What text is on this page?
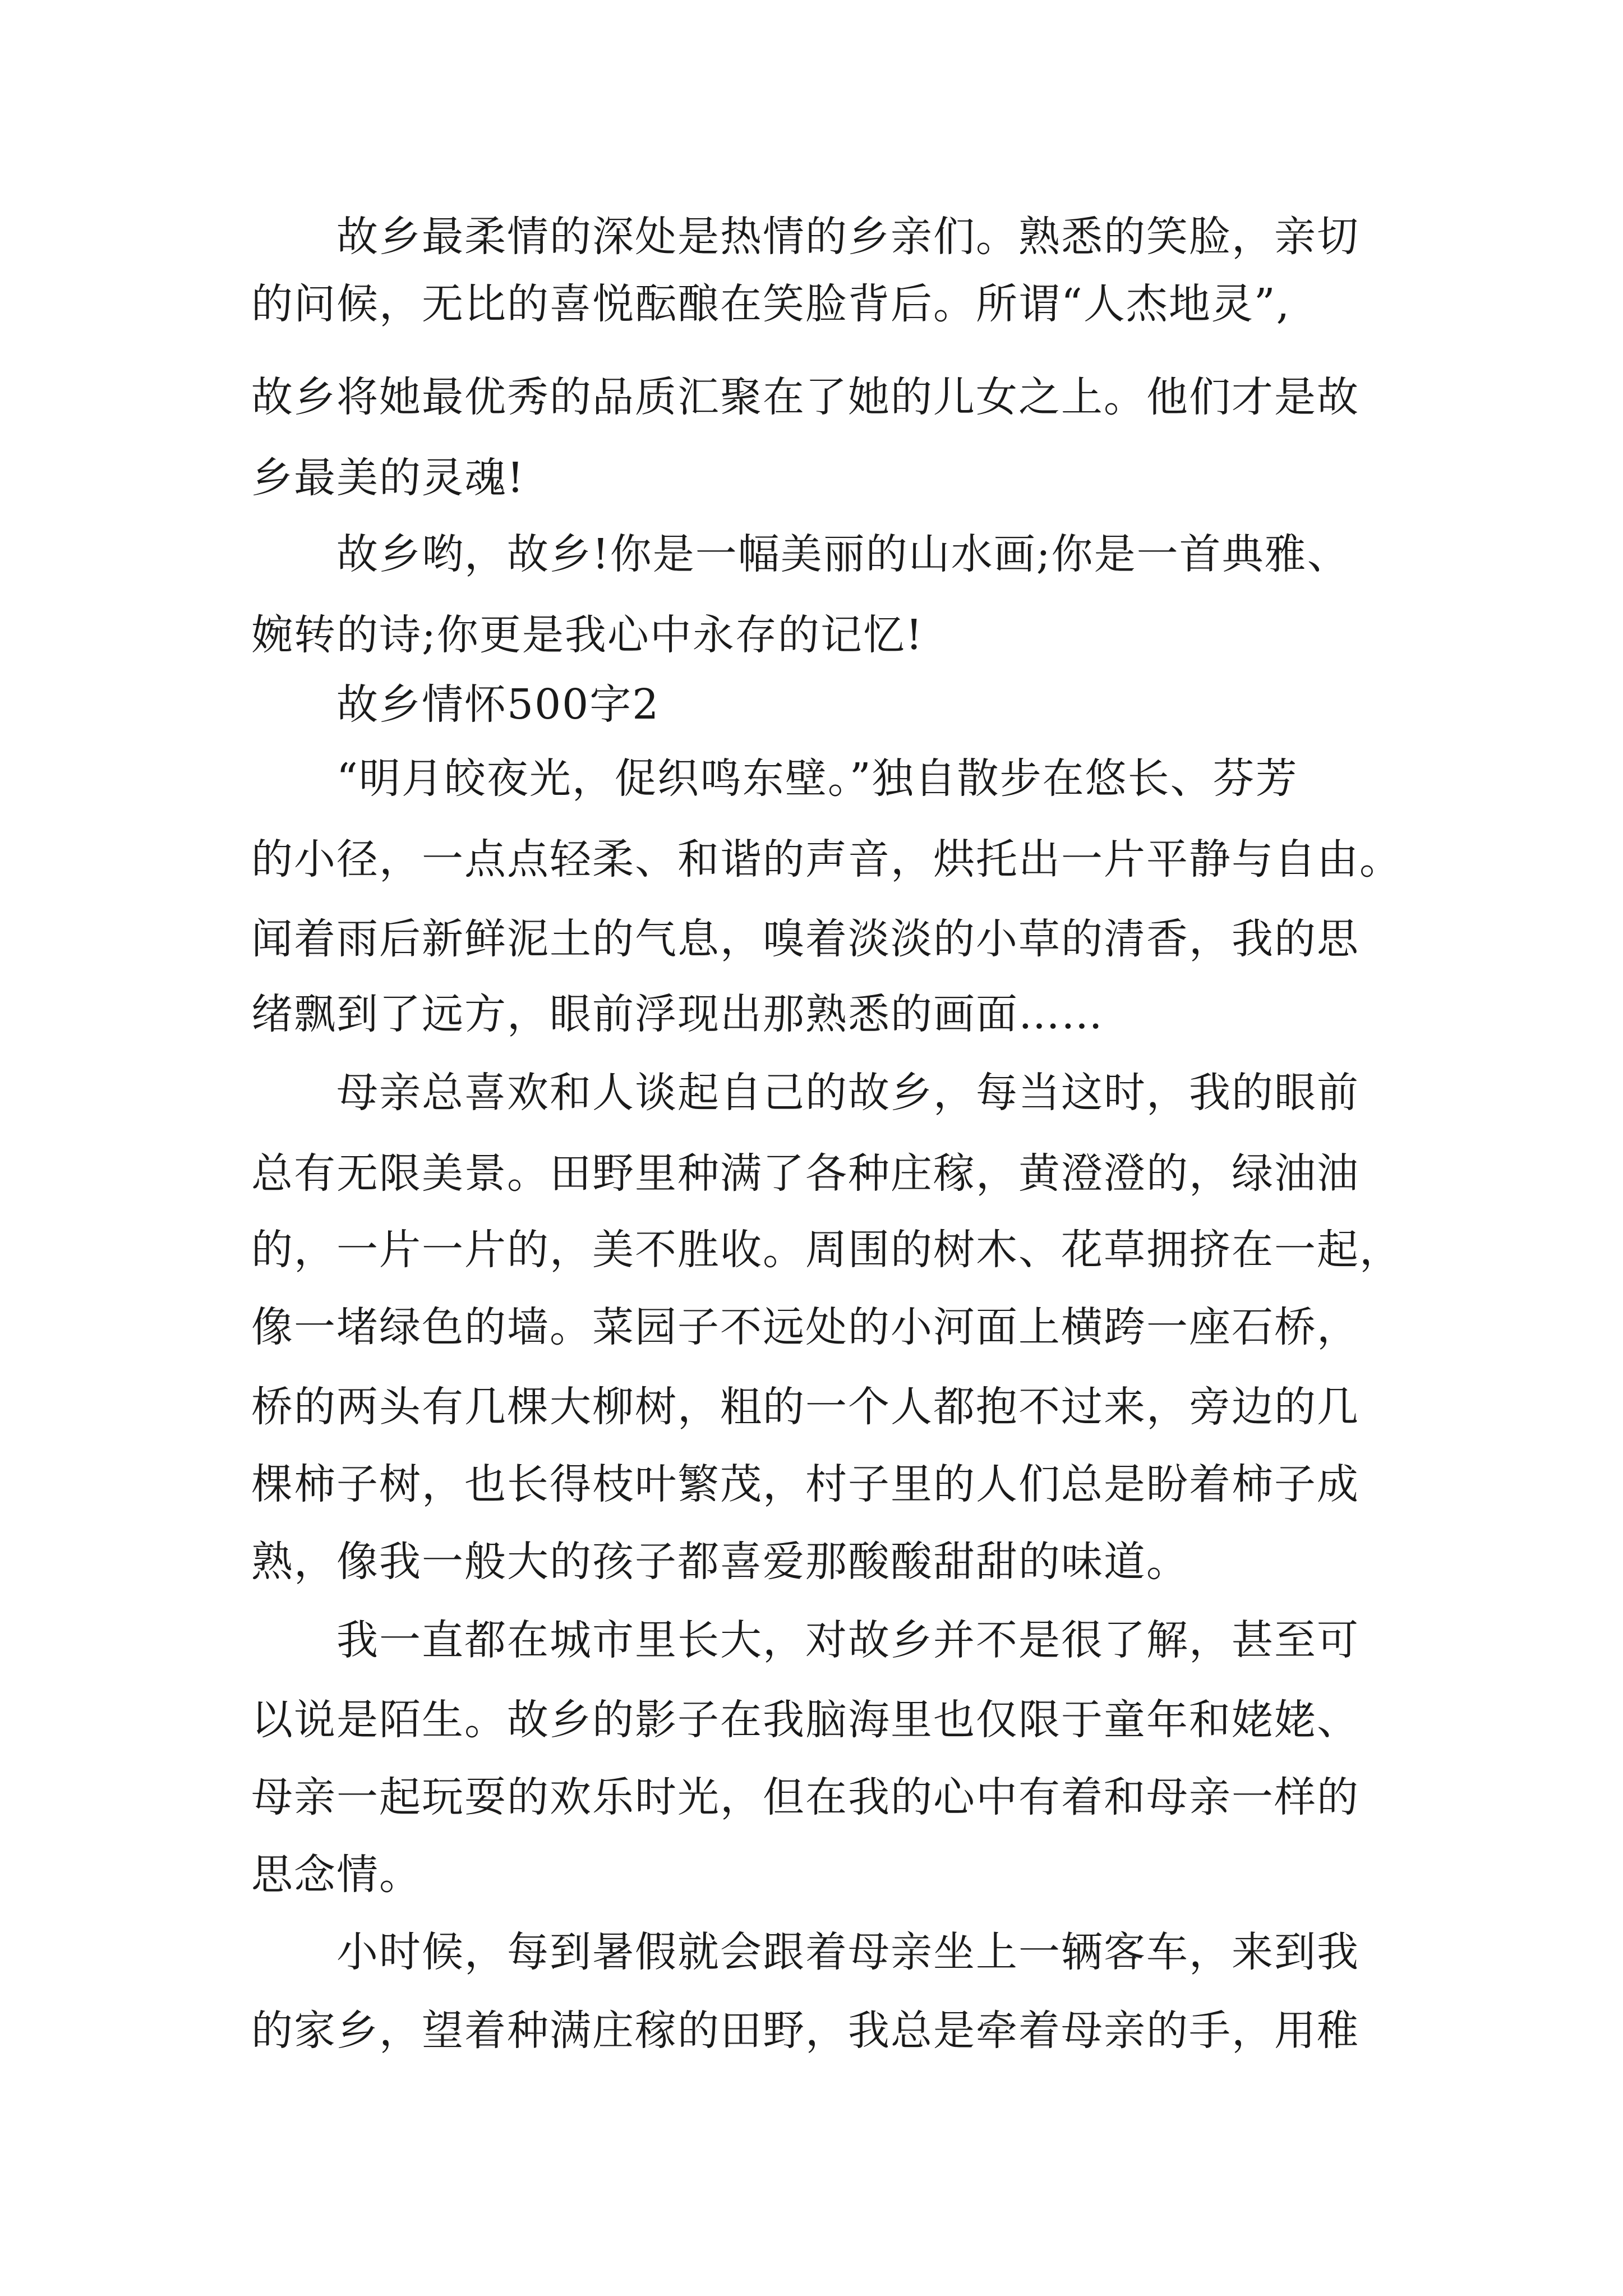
故乡最柔情的深处是热情的乡亲们。熟悉的笑脸，亲切
的问候，无比的喜悦酝酿在笑脸背后。所谓“人杰地灵”,
故乡将她最优秀的品质汇聚在了她的儿女之上。他们才是故
乡最美的灵魂!
故乡哟，故乡!你是一幅美丽的山水画;你是一首典雅、
婉转的诗;你更是我心中永存的记忆!
故乡情怀500字2
“明月皎夜光，促织鸣东壁。”独自散步在悠长、芬芳
的小径，一点点轻柔、和谐的声音，烘托出一片平静与自由。
闻着雨后新鲜泥土的气息，嗅着淡淡的小草的清香，我的思
绪飘到了远方，眼前浮现出那熟悉的画面……
母亲总喜欢和人谈起自己的故乡，每当这时，我的眼前
总有无限美景。田野里种满了各种庄稼，黄澄澄的，绿油油
的，一片一片的，美不胜收。周围的树木、花草拥挤在一起，
像一堵绿色的墙。菜园子不远处的小河面上横跨一座石桥，
桥的两头有几棵大柳树，粗的一个人都抱不过来，旁边的几
棵柿子树，也长得枝叶繁茂，村子里的人们总是盼着柿子成
熟，像我一般大的孩子都喜爱那酸酸甜甜的味道。
我一直都在城市里长大，对故乡并不是很了解，甚至可
以说是陌生。故乡的影子在我脑海里也仅限于童年和姥姥、
母亲一起玩耍的欢乐时光，但在我的心中有着和母亲一样的
思念情。
小时候，每到暑假就会跟着母亲坐上一辆客车，来到我
的家乡，望着种满庄稼的田野，我总是牵着母亲的手，用稚
